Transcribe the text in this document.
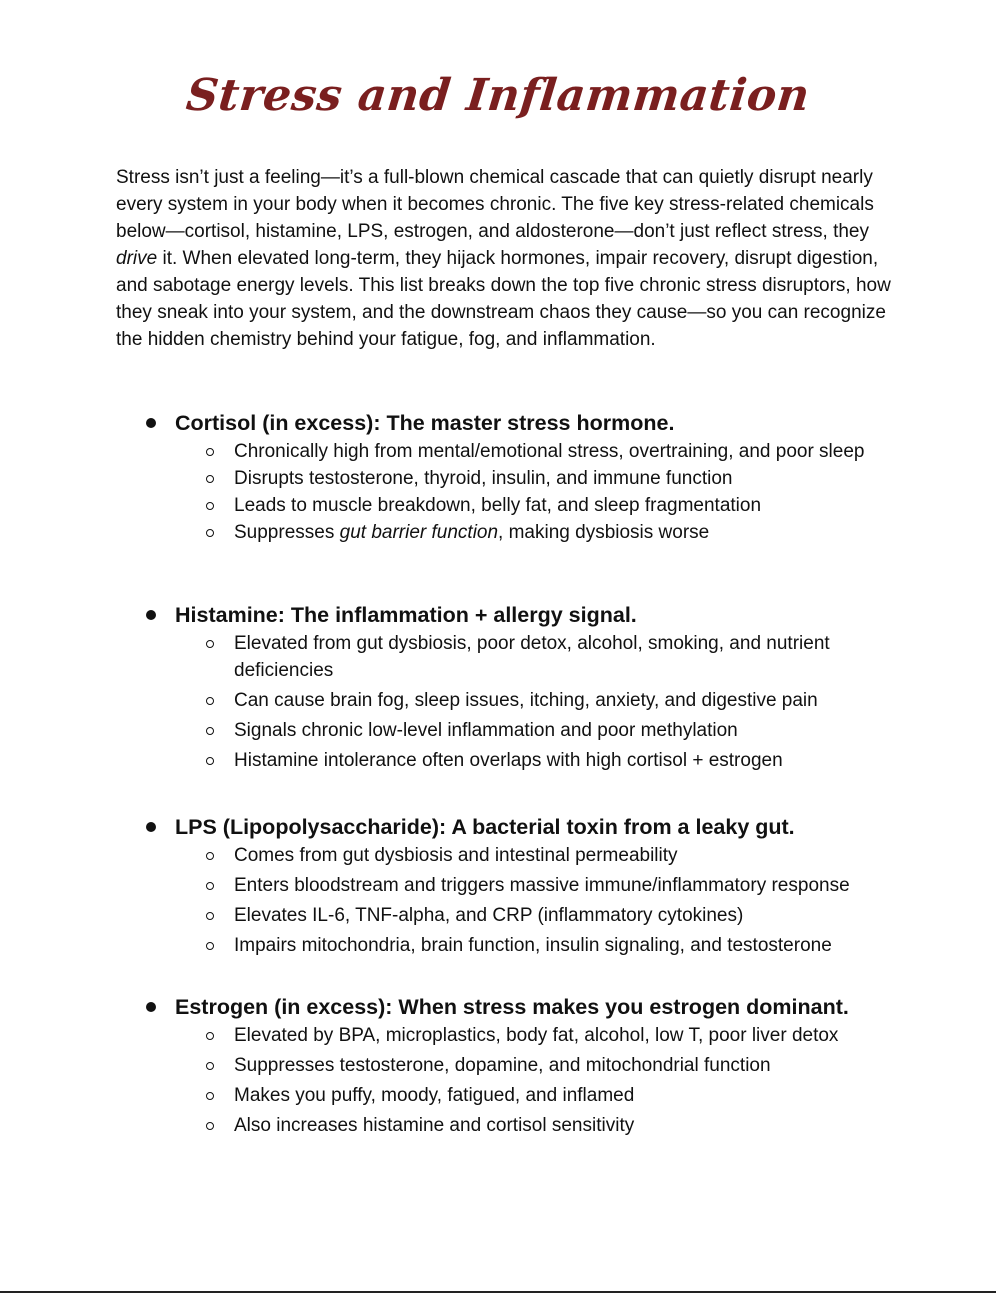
Stress and Inflammation

Stress isn’t just a feeling—it’s a full-blown chemical cascade that can quietly disrupt nearly every system in your body when it becomes chronic. The five key stress-related chemicals below—cortisol, histamine, LPS, estrogen, and aldosterone—don’t just reflect stress, they drive it. When elevated long-term, they hijack hormones, impair recovery, disrupt digestion, and sabotage energy levels. This list breaks down the top five chronic stress disruptors, how they sneak into your system, and the downstream chaos they cause—so you can recognize the hidden chemistry behind your fatigue, fog, and inflammation.

Cortisol (in excess): The master stress hormone.
Chronically high from mental/emotional stress, overtraining, and poor sleep
Disrupts testosterone, thyroid, insulin, and immune function
Leads to muscle breakdown, belly fat, and sleep fragmentation
Suppresses gut barrier function, making dysbiosis worse
Histamine: The inflammation + allergy signal.
Elevated from gut dysbiosis, poor detox, alcohol, smoking, and nutrient deficiencies
Can cause brain fog, sleep issues, itching, anxiety, and digestive pain
Signals chronic low-level inflammation and poor methylation
Histamine intolerance often overlaps with high cortisol + estrogen
LPS (Lipopolysaccharide): A bacterial toxin from a leaky gut.
Comes from gut dysbiosis and intestinal permeability
Enters bloodstream and triggers massive immune/inflammatory response
Elevates IL-6, TNF-alpha, and CRP (inflammatory cytokines)
Impairs mitochondria, brain function, insulin signaling, and testosterone
Estrogen (in excess): When stress makes you estrogen dominant.
Elevated by BPA, microplastics, body fat, alcohol, low T, poor liver detox
Suppresses testosterone, dopamine, and mitochondrial function
Makes you puffy, moody, fatigued, and inflamed
Also increases histamine and cortisol sensitivity
